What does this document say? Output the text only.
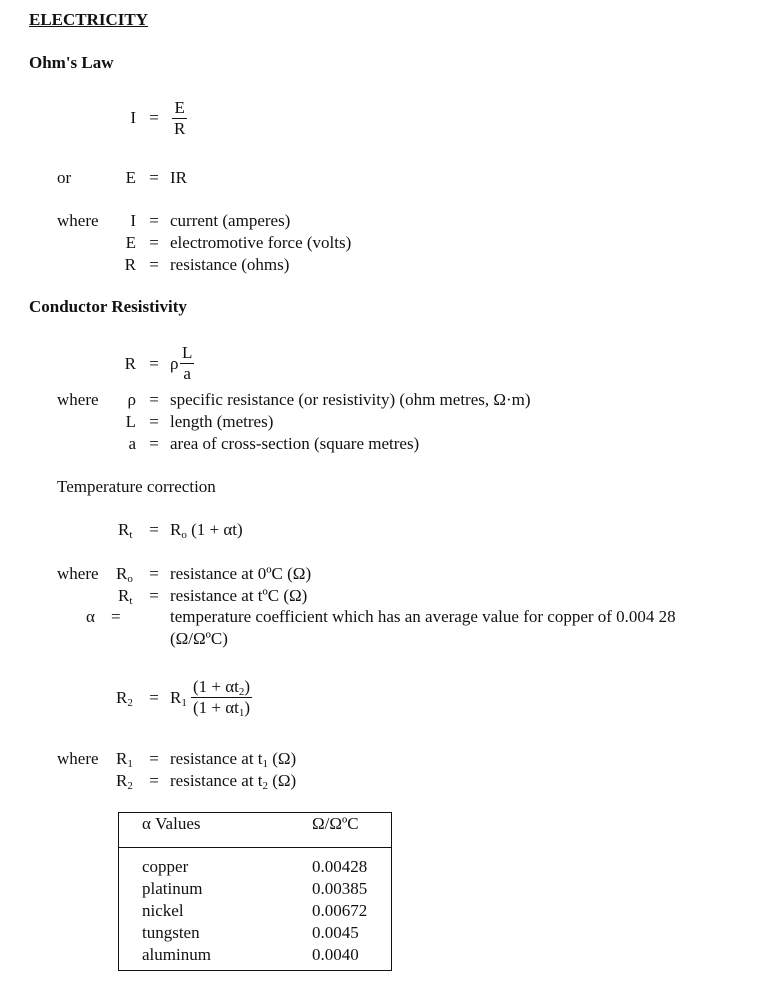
ELECTRICITY
Ohm's Law
$I = \frac{E}{R}$
or	E = IR
where	I = current (amperes)
E = electromotive force (volts)
R = resistance (ohms)
Conductor Resistivity
R = ρ $\frac{L}{a}$
where	ρ = specific resistance (or resistivity) (ohm metres, Ω·m)
L = length (metres)
a = area of cross-section (square metres)
Temperature correction
$R_t = R_o$ (1 + αt)
where $R_o$ = resistance at 0ºC (Ω)
$R_t$ = resistance at tºC (Ω)
α =	temperature coefficient which has an average value for copper of 0.004 28
(Ω/ΩºC)
$R_2 = R_1 \frac{(1 + \alpha t_2)}{(1 + \alpha t_1)}$
where $R_1$ = resistance at $t_1$ (Ω)
$R_2$ = resistance at $t_2$ (Ω)
α Values	Ω/ΩºC
copper	0.00428
platinum	0.00385
nickel	0.00672
tungsten	0.0045
aluminum	0.0040
